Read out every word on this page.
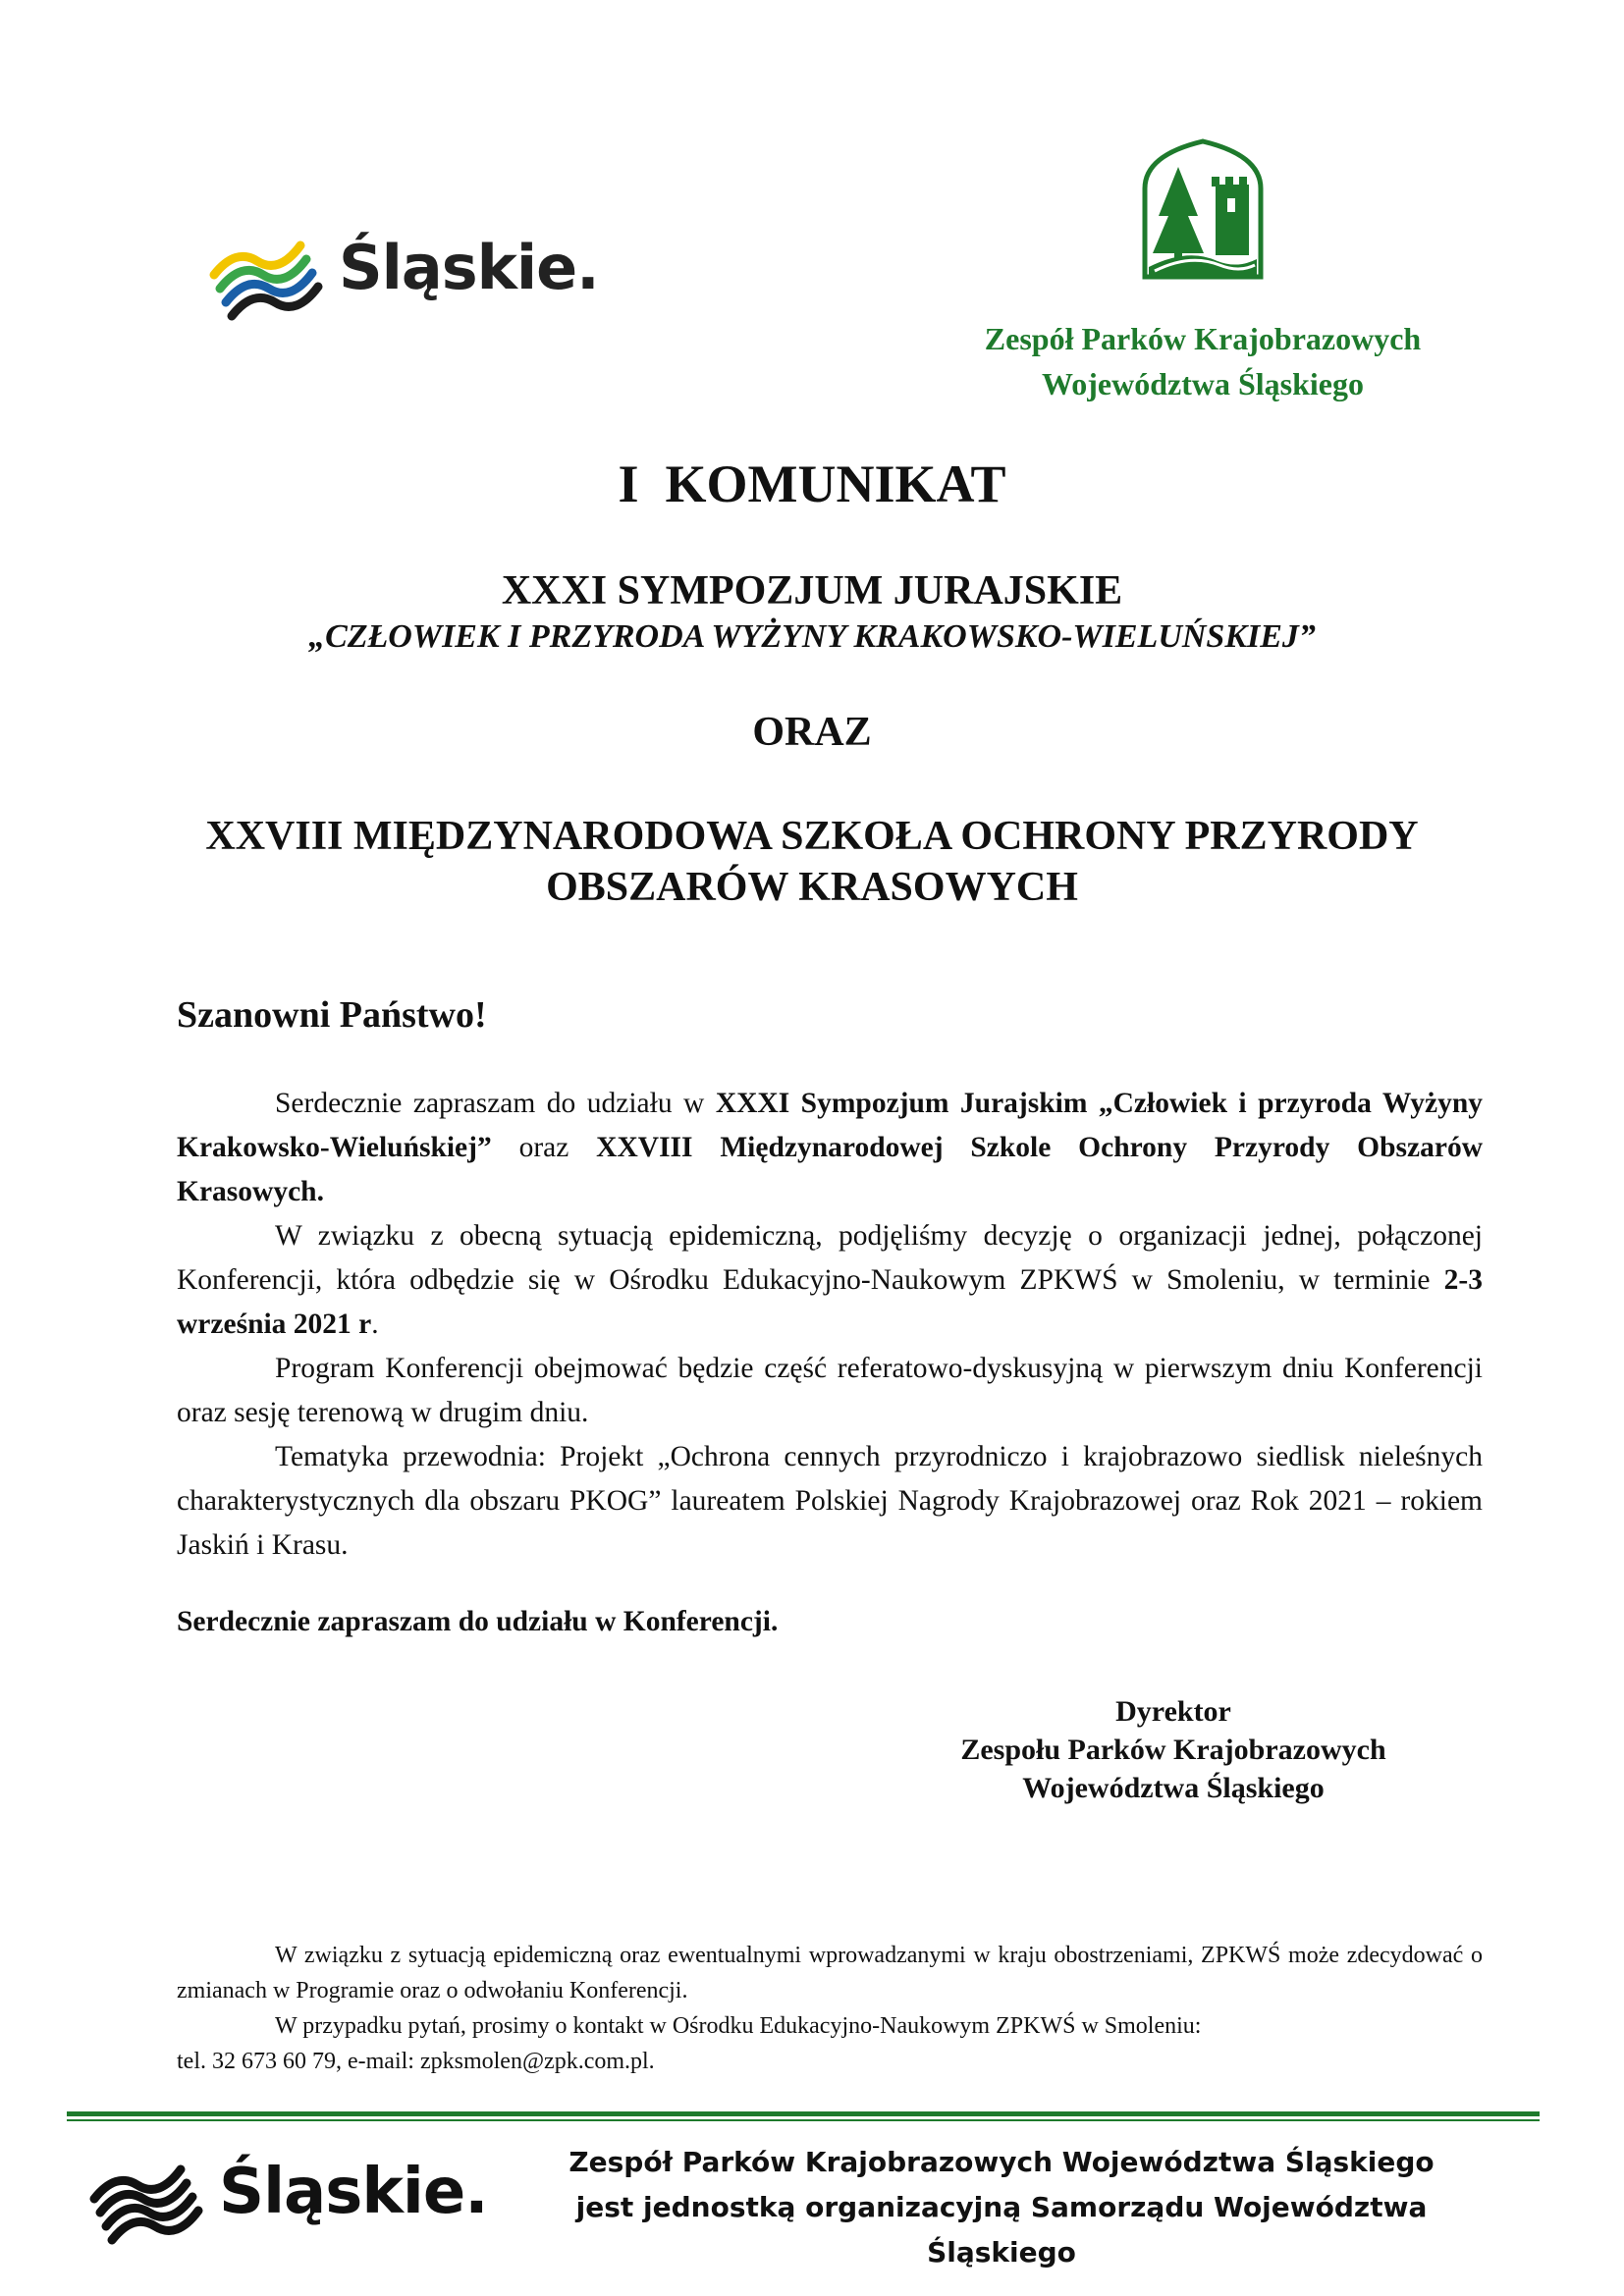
Śląskie.
Zespół Parków Krajobrazowych
Województwa Śląskiego
I  KOMUNIKAT
XXXI SYMPOZJUM JURAJSKIE
„CZŁOWIEK I PRZYRODA WYŻYNY KRAKOWSKO-WIELUŃSKIEJ”
ORAZ
XXVIII MIĘDZYNARODOWA SZKOŁA OCHRONY PRZYRODY
OBSZARÓW KRASOWYCH
Szanowni Państwo!

Serdecznie zapraszam do udziału w XXXI Sympozjum Jurajskim „Człowiek i przyroda Wyżyny Krakowsko-Wieluńskiej” oraz XXVIII Międzynarodowej Szkole Ochrony Przyrody Obszarów Krasowych.

W związku z obecną sytuacją epidemiczną, podjęliśmy decyzję o organizacji jednej, połączonej Konferencji, która odbędzie się w Ośrodku Edukacyjno-Naukowym ZPKWŚ w Smoleniu, w terminie 2-3 września 2021 r.

Program Konferencji obejmować będzie część referatowo-dyskusyjną w pierwszym dniu Konferencji oraz sesję terenową w drugim dniu.

Tematyka przewodnia: Projekt „Ochrona cennych przyrodniczo i krajobrazowo siedlisk nieleśnych charakterystycznych dla obszaru PKOG” laureatem Polskiej Nagrody Krajobrazowej oraz Rok 2021 – rokiem Jaskiń i Krasu.

Serdecznie zapraszam do udziału w Konferencji.
Dyrektor
Zespołu Parków Krajobrazowych
Województwa Śląskiego

W związku z sytuacją epidemiczną oraz ewentualnymi wprowadzanymi w kraju obostrzeniami, ZPKWŚ może zdecydować o zmianach w Programie oraz o odwołaniu Konferencji.

W przypadku pytań, prosimy o kontakt w Ośrodku Edukacyjno-Naukowym ZPKWŚ w Smoleniu:

tel. 32 673 60 79, e-mail: zpksmolen@zpk.com.pl.
Śląskie.	Zespół Parków Krajobrazowych Województwa Śląskiego
jest jednostką organizacyjną Samorządu Województwa Śląskiego
